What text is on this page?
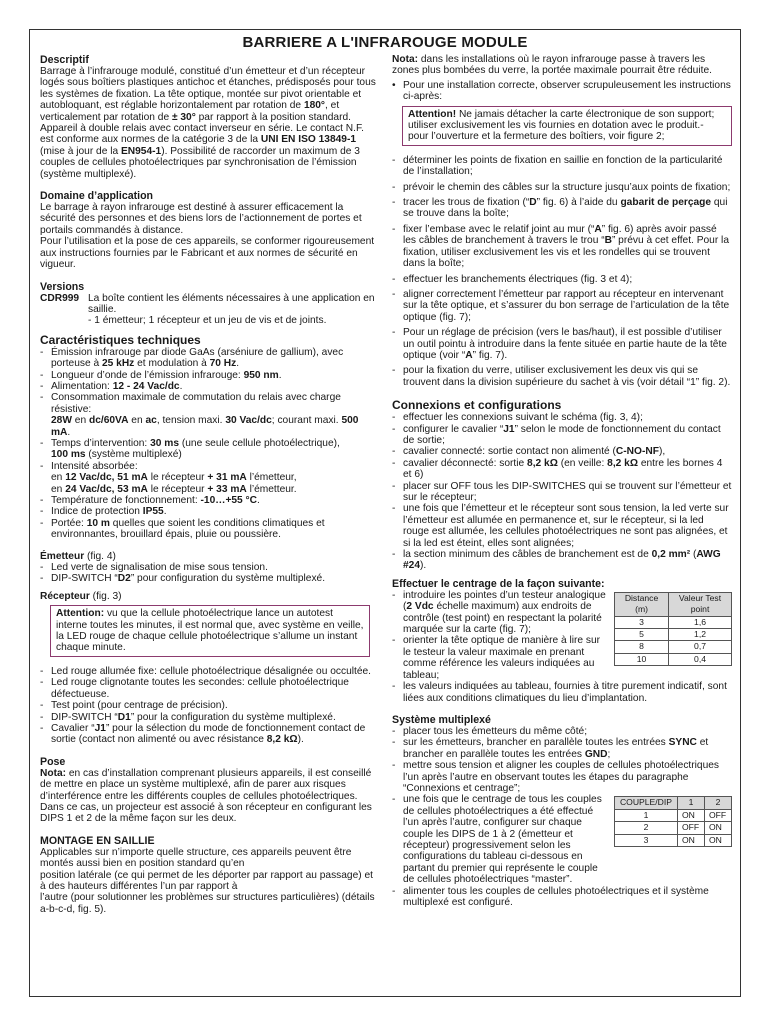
BARRIERE A L'INFRAROUGE MODULE
Descriptif

Barrage à l’infrarouge modulé, constitué d’un émetteur et d’un récepteur logés sous boîtiers plastiques antichoc et étanches, prédisposés pour tous les systèmes de fixation. La tête optique, montée sur pivot orientable et autobloquant, est réglable horizontalement par rotation de 180°, et verticalement par rotation de ± 30° par rapport à la position standard. Appareil à double relais avec contact inverseur en série. Le contact N.F. est conforme aux normes de la catégorie 3 de la UNI EN ISO 13849-1 (mise à jour de la EN954-1). Possibilité de raccorder un maximum de 3 couples de cellules photoélectriques par synchronisation de l’émission (système multiplexé).

Domaine d’application

Le barrage à rayon infrarouge est destiné à assurer efficacement la sécurité des personnes et des biens lors de l’actionnement de portes et portails commandés à distance.

Pour l’utilisation et la pose de ces appareils, se conformer rigoureusement aux instructions fournies par le Fabricant et aux normes de sécurité en vigueur.

Versions
CDR999 La boîte contient les éléments nécessaires à une application en saillie.
- 1 émetteur; 1 récepteur et un jeu de vis et de joints.
Caractéristiques techniques
- Émission infrarouge par diode GaAs (arséniure de gallium), avec porteuse à 25 kHz et modulation à 70 Hz.
- Longueur d’onde de l’émission infrarouge: 950 nm.
- Alimentation: 12 - 24 Vac/dc.
- Consommation maximale de commutation du relais avec charge résistive:
28W en dc/60VA en ac, tension maxi. 30 Vac/dc; courant maxi. 500 mA.
- Temps d’intervention: 30 ms (une seule cellule photoélectrique),
100 ms (système multiplexé)
- Intensité absorbée:
en 12 Vac/dc, 51 mA le récepteur + 31 mA l’émetteur,
en 24 Vac/dc, 53 mA le récepteur + 33 mA l’émetteur.
- Température de fonctionnement: -10…+55 °C.
- Indice de protection IP55.
- Portée: 10 m quelles que soient les conditions climatiques et environnantes, brouillard épais, pluie ou poussière.

Émetteur (fig. 4)

- Led verte de signalisation de mise sous tension.
- DIP-SWITCH “D2” pour configuration du système multiplexé.

Récepteur (fig. 3)

Attention: vu que la cellule photoélectrique lance un autotest interne toutes les minutes, il est normal que, avec système en veille, la LED rouge de chaque cellule photoélectrique s’allume un instant chaque minute.
- Led rouge allumée fixe: cellule photoélectrique désalignée ou occultée.
- Led rouge clignotante toutes les secondes: cellule photoélectrique défectueuse.
- Test point (pour centrage de précision).
- DIP-SWITCH “D1” pour la configuration du système multiplexé.
- Cavalier “J1” pour la sélection du mode de fonctionnement contact de sortie (contact non alimenté ou avec résistance 8,2 kΩ).
Pose

Nota: en cas d’installation comprenant plusieurs appareils, il est conseillé de mettre en place un système multiplexé, afin de parer aux risques d’interférence entre les différents couples de cellules photoélectriques.

Dans ce cas, un projecteur est associé à son récepteur en configurant les DIPS 1 et 2 de la même façon sur les deux.

MONTAGE EN SAILLIE

Applicables sur n’importe quelle structure, ces appareils peuvent être montés aussi bien en position standard qu’en

position latérale (ce qui permet de les déporter par rapport au passage) et à des hauteurs différentes l’un par rapport à

l’autre (pour solutionner les problèmes sur structures particulières) (détails a-b-c-d, fig. 5).

Nota: dans les installations où le rayon infrarouge passe à travers les zones plus bombées du verre, la portée maximale pourrait être réduite.

• Pour une installation correcte, observer scrupuleusement les instructions ci-après:
Attention! Ne jamais détacher la carte électronique de son support; utiliser exclusivement les vis fournies en dotation avec le produit.- pour l’ouverture et la fermeture des boîtiers, voir figure 2;
- déterminer les points de fixation en saillie en fonction de la particularité de l’installation;
- prévoir le chemin des câbles sur la structure jusqu’aux points de fixation;
- tracer les trous de fixation (“D” fig. 6) à l’aide du gabarit de perçage qui se trouve dans la boîte;
- fixer l’embase avec le relatif joint au mur (“A” fig. 6) après avoir passé les câbles de branchement à travers le trou “B” prévu à cet effet. Pour la fixation, utiliser exclusivement les vis et les rondelles qui se trouvent dans la boîte;
- effectuer les branchements électriques (fig. 3 et 4);
- aligner correctement l’émetteur par rapport au récepteur en intervenant sur la tête optique, et s’assurer du bon serrage de l’articulation de la tête optique (fig. 7);
- Pour un réglage de précision (vers le bas/haut), il est possible d’utiliser un outil pointu à introduire dans la fente située en partie haute de la tête optique (voir “A” fig. 7).
- pour la fixation du verre, utiliser exclusivement les deux vis qui se trouvent dans la division supérieure du sachet à vis (voir détail “1” fig. 2).
Connexions et configurations
- effectuer les connexions suivant le schéma (fig. 3, 4);
- configurer le cavalier “J1” selon le mode de fonctionnement du contact de sortie;
- cavalier connecté: sortie contact non alimenté (C-NO-NF),
- cavalier déconnecté: sortie 8,2 kΩ (en veille: 8,2 kΩ entre les bornes 4 et 6)
- placer sur OFF tous les DIP-SWITCHES qui se trouvent sur l’émetteur et sur le récepteur;
- une fois que l’émetteur et le récepteur sont sous tension, la led verte sur l’émetteur est allumée en permanence et, sur le récepteur, si la led rouge est allumée, les cellules photoélectriques ne sont pas alignées, et si la led est éteint, elles sont alignées;
- la section minimum des câbles de branchement est de 0,2 mm² (AWG #24).
Effectuer le centrage de la façon suivante:
- introduire les pointes d’un testeur analogique (2 Vdc échelle maximum) aux endroits de contrôle (test point) en respectant la polarité marquée sur la carte (fig. 7);
- orienter la tête optique de manière à lire sur le testeur la valeur maximale en prenant comme référence les valeurs indiquées au tableau;
Distance (m)	Valeur Test point
3	1,6
5	1,2
8	0,7
10	0,4
- les valeurs indiquées au tableau, fournies à titre purement indicatif, sont liées aux conditions climatiques du lieu d’implantation.
Système multiplexé
- placer tous les émetteurs du même côté;
- sur les émetteurs, brancher en parallèle toutes les entrées SYNC et brancher en parallèle toutes les entrées GND;
- mettre sous tension et aligner les couples de cellules photoélectriques l’un après l’autre en observant toutes les étapes du paragraphe “Connexions et centrage”;
- une fois que le centrage de tous les couples de cellules photoélectriques a été effectué l’un après l’autre, configurer sur chaque couple les DIPS de 1 à 2 (émetteur et récepteur) progressivement selon les configurations du tableau ci-dessous en partant du premier qui représente le couple de cellules photoélectriques “master”.
COUPLE/DIP	1	2
1	ON	OFF
2	OFF	ON
3	ON	ON
- alimenter tous les couples de cellules photoélectriques et il système multiplexé est configuré.
